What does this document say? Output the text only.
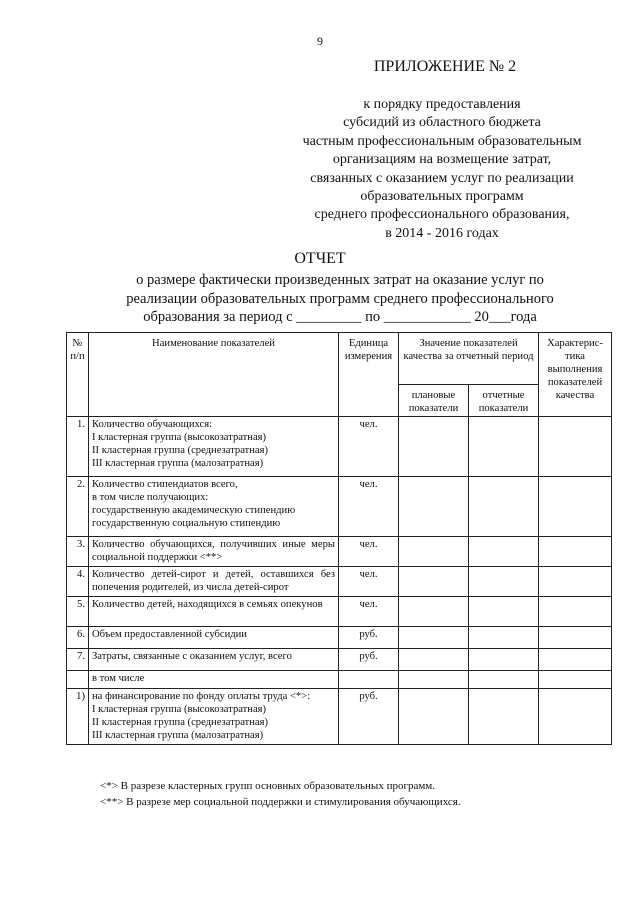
9
ПРИЛОЖЕНИЕ № 2
к порядку предоставления
субсидий из областного бюджета
частным профессиональным образовательным
организациям на возмещение затрат,
связанных с оказанием услуг по реализации
образовательных программ
среднего профессионального образования,
в 2014 - 2016 годах
ОТЧЕТ
о размере фактически произведенных затрат на оказание услуг по
реализации образовательных программ среднего профессионального
образования за период с _________ по ____________ 20___года
№ п/п	Наименование показателей	Единица измерения	Значение показателей качества за отчетный период		Характерис-тика выполнения показателей качества
			плановые показатели	отчетные показатели	
1.	Количество обучающихся:
I кластерная группа (высокозатратная)
II кластерная группа (среднезатратная)
III кластерная группа (малозатратная)	чел.			
2.	Количество стипендиатов всего,
в том числе получающих:
государственную академическую стипендию
государственную социальную стипендию	чел.			
3.	Количество обучающихся, получивших иные меры социальной поддержки <**>	чел.			
4.	Количество детей-сирот и детей, оставшихся без попечения родителей, из числа детей-сирот	чел.			
5.	Количество детей, находящихся в семьях опекунов	чел.			
6.	Объем предоставленной субсидии	руб.			
7.	Затраты, связанные с оказанием услуг, всего	руб.			

	в том числе				

1)	на финансирование по фонду оплаты труда <*>:
I кластерная группа (высокозатратная)
II кластерная группа (среднезатратная)
III кластерная группа (малозатратная)	руб.			
<*> В разрезе кластерных групп основных образовательных программ.
<**> В разрезе мер социальной поддержки и стимулирования обучающихся.
